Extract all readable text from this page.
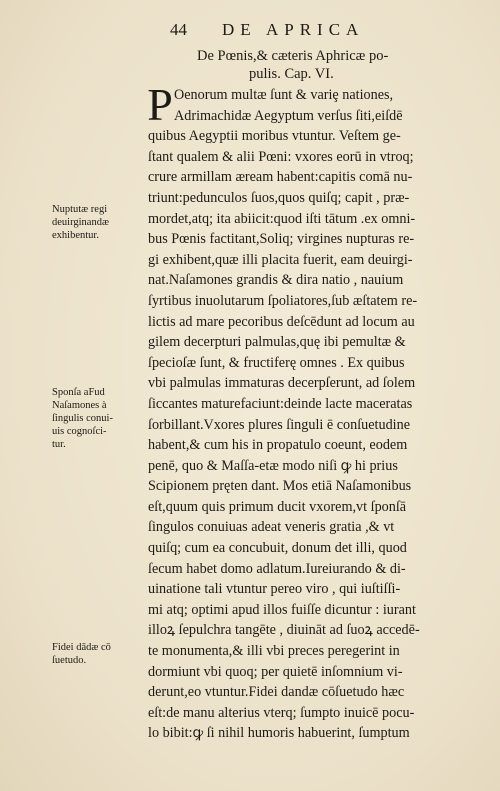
44 DE APRICA
De Pœnis,& cæteris Aphricæ po-
pulis. Cap. VI.
P Oenorum multæ ſunt & variȩ nationes,
Adrimachidæ Aegyptum verſus ſiti,eiſdē
quibus Aegyptii moribus vtuntur. Veſtem ge-
ſtant qualem & alii Pœni: vxores eorū in vtroq;
crure armillam æream habent:capitis comā nu-
triunt:pedunculos ſuos,quos quiſq; capit , præ-
mordet,atq; ita abiicit:quod iſti tātum .ex omni-
bus Pœnis factitant,Soliq; virgines nupturas re-
gi exhibent,quæ illi placita fuerit, eam deuirgi-
nat.Naſamones grandis & dira natio , nauium
ſyrtibus inuolutarum ſpoliatores,ſub æſtatem re-
lictis ad mare pecoribus deſcēdunt ad locum au
gilem decerpturi palmulas,quę ibi pemultæ &
ſpecioſæ ſunt, & fructiferę omnes . Ex quibus
vbi palmulas immaturas decerpſerunt, ad ſolem
ſiccantes maturefaciunt:deinde lacte maceratas
ſorbillant.Vxores plures ſinguli ē conſuetudine
habent,& cum his in propatulo coeunt, eodem
penē, quo & Maſſa-etæ modo niſi ꝙ hi prius
Scipionem pręten dant. Mos etiā Naſamonibus
eſt,quum quis primum ducit vxorem,vt ſponſā
ſingulos conuiuas adeat veneris gratia ,& vt
quiſq; cum ea concubuit, donum det illi, quod
ſecum habet domo adlatum.Iureiurando & di-
uinatione tali vtuntur pereo viro , qui iuſtiſſi-
mi atq; optimi apud illos fuiſſe dicuntur : iurant
illoꝝ ſepulchra tangēte , diuināt ad ſuoꝝ accedē-
te monumenta,& illi vbi preces peregerint in
dormiunt vbi quoq; per quietē inſomnium vi-
derunt,eo vtuntur.Fidei dandæ cōſuetudo hæc
eſt:de manu alterius vterq; ſumpto inuicē pocu-
lo bibit:ꝙ ſi nihil humoris habuerint, ſumptum
Nuptutæ regi
deuirginandæ
exhibentur.
Sponſa aFud
Naſamones à
ſingulis conui-
uis cognoſci-
tur.
Fidei dādæ cō
ſuetudo.
